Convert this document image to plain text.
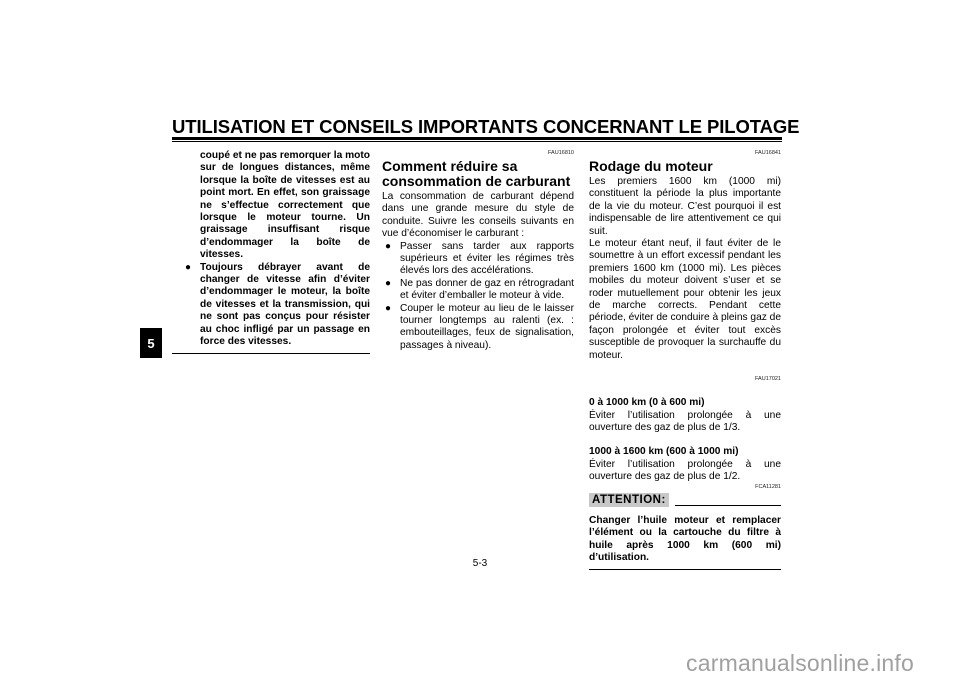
UTILISATION ET CONSEILS IMPORTANTS CONCERNANT LE PILOTAGE
5

coupé et ne pas remorquer la moto sur de longues distances, même lorsque la boîte de vitesses est au point mort. En effet, son graissage ne s’effectue correctement que lorsque le moteur tourne. Un graissage insuffisant risque d’endommager la boîte de vitesses.

● Toujours débrayer avant de changer de vitesse afin d’éviter d’endommager le moteur, la boîte de vitesses et la transmission, qui ne sont pas conçus pour résister au choc infligé par un passage en force des vitesses.
FAU16810
Comment réduire sa consommation de carburant

La consommation de carburant dépend dans une grande mesure du style de conduite. Suivre les conseils suivants en vue d’économiser le carburant :

● Passer sans tarder aux rapports supérieurs et éviter les régimes très élevés lors des accélérations.
● Ne pas donner de gaz en rétrogradant et éviter d’emballer le moteur à vide.
● Couper le moteur au lieu de le laisser tourner longtemps au ralenti (ex. : embouteillages, feux de signalisation, passages à niveau).
FAU16841
Rodage du moteur

Les premiers 1600 km (1000 mi) constituent la période la plus importante de la vie du moteur. C’est pourquoi il est indispensable de lire attentivement ce qui suit.

Le moteur étant neuf, il faut éviter de le soumettre à un effort excessif pendant les premiers 1600 km (1000 mi). Les pièces mobiles du moteur doivent s’user et se roder mutuellement pour obtenir les jeux de marche corrects. Pendant cette période, éviter de conduire à pleins gaz de façon prolongée et éviter tout excès susceptible de provoquer la surchauffe du moteur.

FAU17021

0 à 1000 km (0 à 600 mi)

Éviter l’utilisation prolongée à une ouverture des gaz de plus de 1/3.

1000 à 1600 km (600 à 1000 mi)

Éviter l’utilisation prolongée à une ouverture des gaz de plus de 1/2.

FCA11281
ATTENTION:

Changer l’huile moteur et remplacer l’élément ou la cartouche du filtre à huile après 1000 km (600 mi) d’utilisation.

5-3
carmanualsonline.info
